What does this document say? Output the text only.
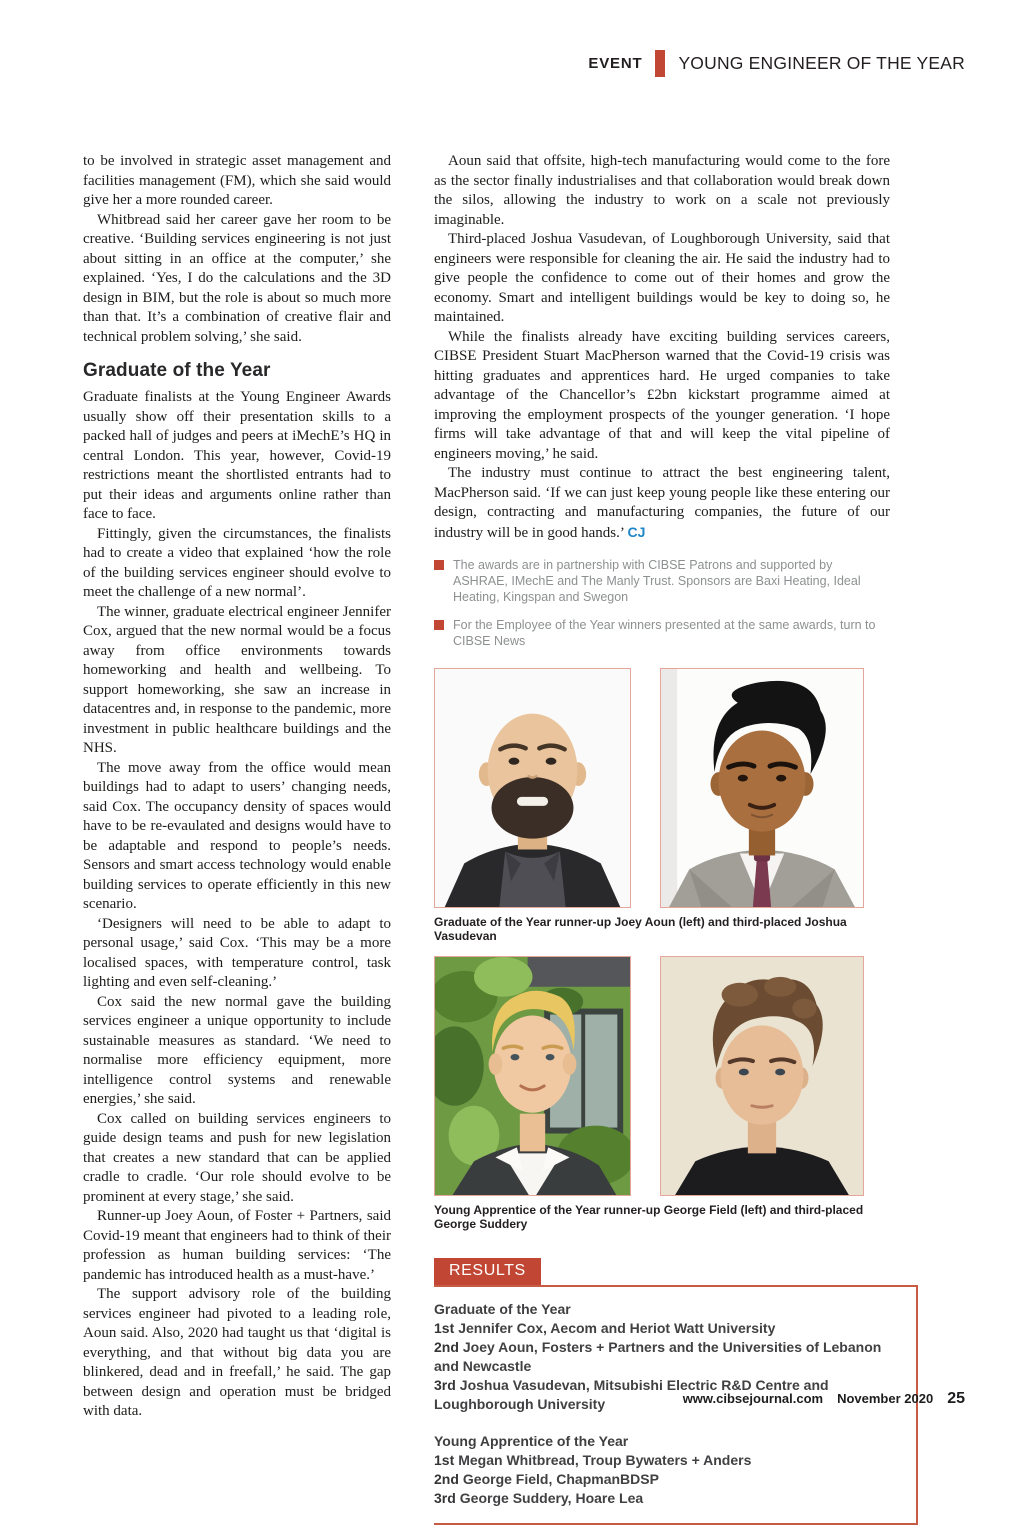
EVENT YOUNG ENGINEER OF THE YEAR

to be involved in strategic asset management and facilities management (FM), which she said would give her a more rounded career.

Whitbread said her career gave her room to be creative. ‘Building services engineering is not just about sitting in an office at the computer,’ she explained. ‘Yes, I do the calculations and the 3D design in BIM, but the role is about so much more than that. It’s a combination of creative flair and technical problem solving,’ she said.

Graduate of the Year

Graduate finalists at the Young Engineer Awards usually show off their presentation skills to a packed hall of judges and peers at iMechE’s HQ in central London. This year, however, Covid-19 restrictions meant the shortlisted entrants had to put their ideas and arguments online rather than face to face.

Fittingly, given the circumstances, the finalists had to create a video that explained ‘how the role of the building services engineer should evolve to meet the challenge of a new normal’.

The winner, graduate electrical engineer Jennifer Cox, argued that the new normal would be a focus away from office environments towards homeworking and health and wellbeing. To support homeworking, she saw an increase in datacentres and, in response to the pandemic, more investment in public healthcare buildings and the NHS.

The move away from the office would mean buildings had to adapt to users’ changing needs, said Cox. The occupancy density of spaces would have to be re-evaulated and designs would have to be adaptable and respond to people’s needs. Sensors and smart access technology would enable building services to operate efficiently in this new scenario.

‘Designers will need to be able to adapt to personal usage,’ said Cox. ‘This may be a more localised spaces, with temperature control, task lighting and even self-cleaning.’

Cox said the new normal gave the building services engineer a unique opportunity to include sustainable measures as standard. ‘We need to normalise more efficiency equipment, more intelligence control systems and renewable energies,’ she said.

Cox called on building services engineers to guide design teams and push for new legislation that creates a new standard that can be applied cradle to cradle. ‘Our role should evolve to be prominent at every stage,’ she said.

Runner-up Joey Aoun, of Foster + Partners, said Covid-19 meant that engineers had to think of their profession as human building services: ‘The pandemic has introduced health as a must-have.’

The support advisory role of the building services engineer had pivoted to a leading role, Aoun said. Also, 2020 had taught us that ‘digital is everything, and that without big data you are blinkered, dead and in freefall,’ he said. The gap between design and operation must be bridged with data.

Aoun said that offsite, high-tech manufacturing would come to the fore as the sector finally industrialises and that collaboration would break down the silos, allowing the industry to work on a scale not previously imaginable.

Third-placed Joshua Vasudevan, of Loughborough University, said that engineers were responsible for cleaning the air. He said the industry had to give people the confidence to come out of their homes and grow the economy. Smart and intelligent buildings would be key to doing so, he maintained.

While the finalists already have exciting building services careers, CIBSE President Stuart MacPherson warned that the Covid-19 crisis was hitting graduates and apprentices hard. He urged companies to take advantage of the Chancellor’s £2bn kickstart programme aimed at improving the employment prospects of the younger generation. ‘I hope firms will take advantage of that and will keep the vital pipeline of engineers moving,’ he said.

The industry must continue to attract the best engineering talent, MacPherson said. ‘If we can just keep young people like these entering our design, contracting and manufacturing companies, the future of our industry will be in good hands.’ CJ

The awards are in partnership with CIBSE Patrons and supported by ASHRAE, IMechE and The Manly Trust. Sponsors are Baxi Heating, Ideal Heating, Kingspan and Swegon
For the Employee of the Year winners presented at the same awards, turn to CIBSE News
Graduate of the Year runner-up Joey Aoun (left) and third-placed Joshua Vasudevan
Young Apprentice of the Year runner-up George Field (left) and third-placed George Suddery
RESULTS
Graduate of the Year
1st Jennifer Cox, Aecom and Heriot Watt University
2nd Joey Aoun, Fosters + Partners and the Universities of Lebanon and Newcastle
3rd Joshua Vasudevan, Mitsubishi Electric R&D Centre and Loughborough University
Young Apprentice of the Year
1st Megan Whitbread, Troup Bywaters + Anders
2nd George Field, ChapmanBDSP
3rd George Suddery, Hoare Lea
www.cibsejournal.com November 2020 25
